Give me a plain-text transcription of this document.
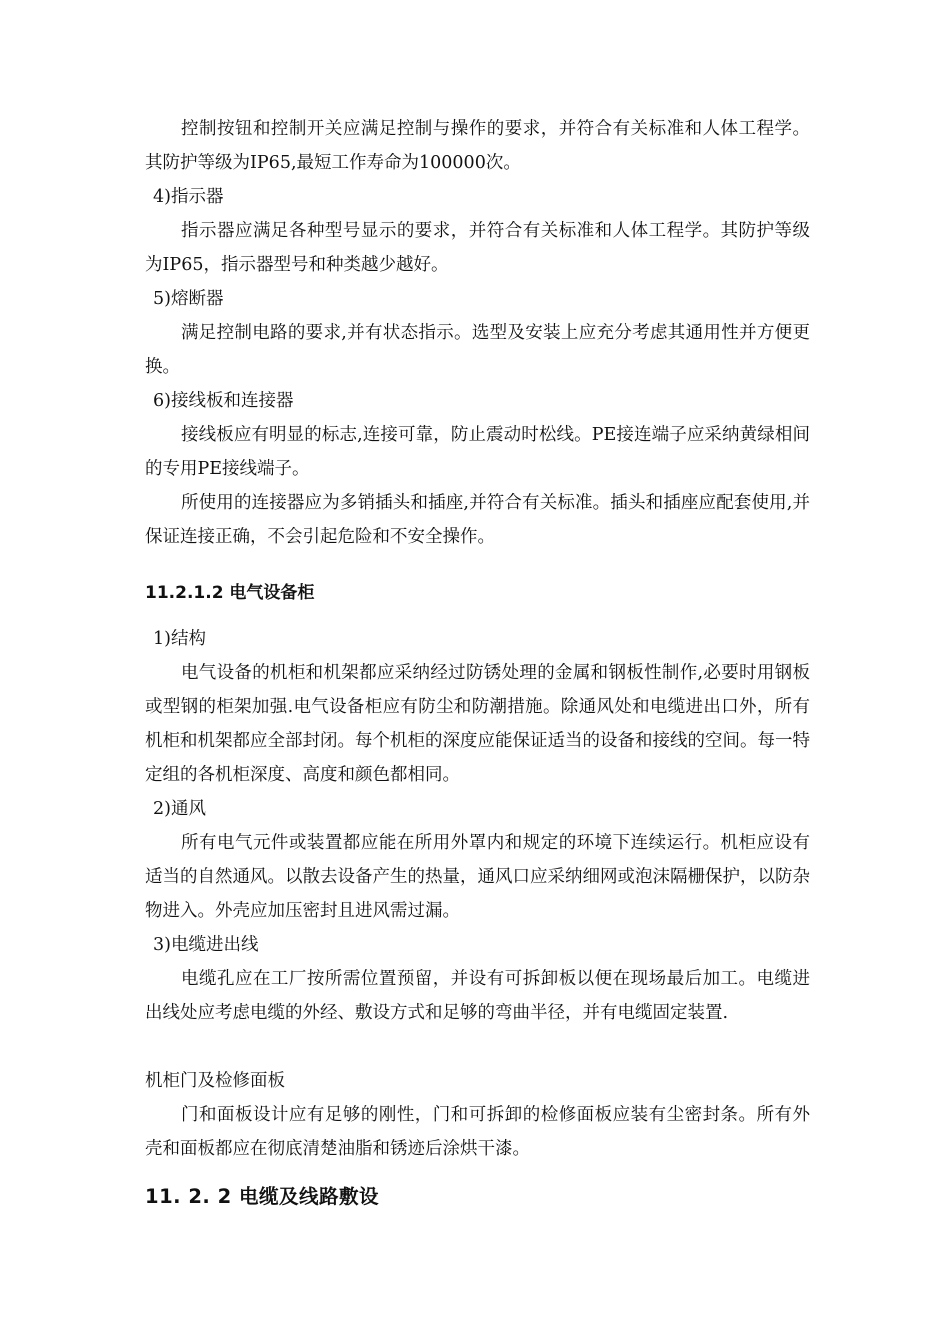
控制按钮和控制开关应满足控制与操作的要求，并符合有关标准和人体工程学。其防护等级为IP65,最短工作寿命为100000次。

4)指示器

指示器应满足各种型号显示的要求，并符合有关标准和人体工程学。其防护等级为IP65，指示器型号和种类越少越好。

5)熔断器

满足控制电路的要求,并有状态指示。选型及安装上应充分考虑其通用性并方便更换。

6)接线板和连接器

接线板应有明显的标志,连接可靠，防止震动时松线。PE接连端子应采纳黄绿相间的专用PE接线端子。

所使用的连接器应为多销插头和插座,并符合有关标准。插头和插座应配套使用,并保证连接正确，不会引起危险和不安全操作。

11.2.1.2 电气设备柜

1)结构

电气设备的机柜和机架都应采纳经过防锈处理的金属和钢板性制作,必要时用钢板或型钢的柜架加强.电气设备柜应有防尘和防潮措施。除通风处和电缆进出口外，所有机柜和机架都应全部封闭。每个机柜的深度应能保证适当的设备和接线的空间。每一特定组的各机柜深度、高度和颜色都相同。

2)通风

所有电气元件或装置都应能在所用外罩内和规定的环境下连续运行。机柜应设有适当的自然通风。以散去设备产生的热量，通风口应采纳细网或泡沫隔栅保护，以防杂物进入。外壳应加压密封且进风需过漏。

3)电缆进出线

电缆孔应在工厂按所需位置预留，并设有可拆卸板以便在现场最后加工。电缆进出线处应考虑电缆的外经、敷设方式和足够的弯曲半径，并有电缆固定装置.

机柜门及检修面板

门和面板设计应有足够的刚性，门和可拆卸的检修面板应装有尘密封条。所有外壳和面板都应在彻底清楚油脂和锈迹后涂烘干漆。

11. 2. 2 电缆及线路敷设
